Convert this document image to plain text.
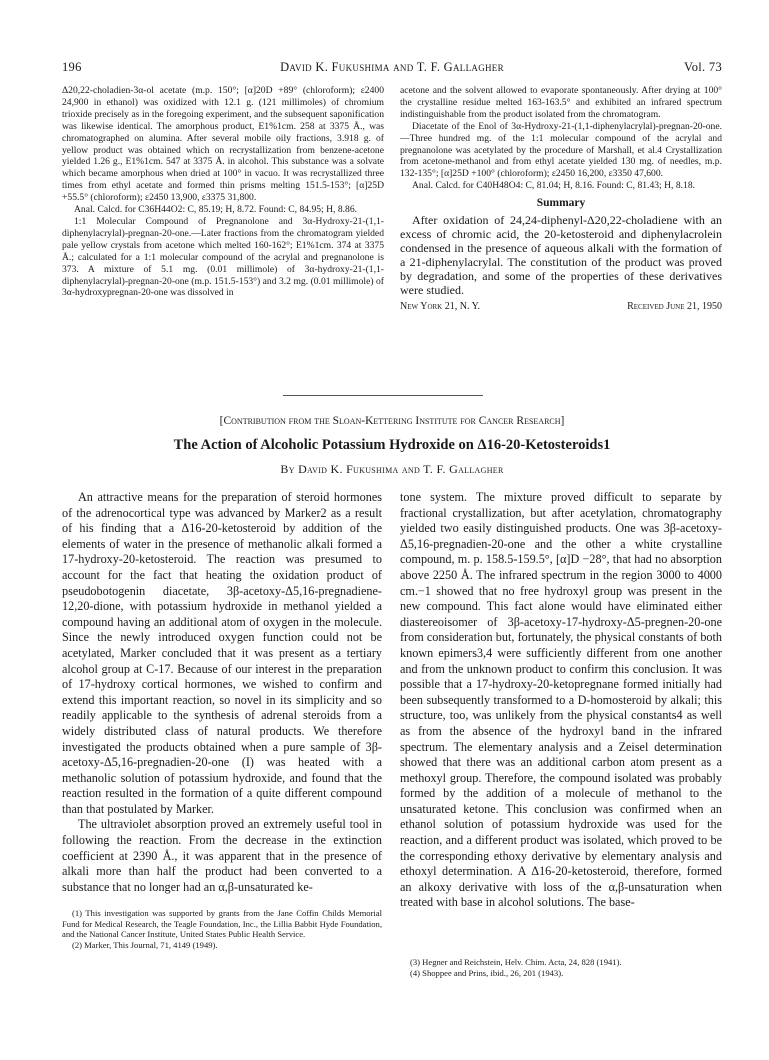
196	David K. Fukushima and T. F. Gallagher	Vol. 73

Δ20,22-choladien-3α-ol acetate (m.p. 150°; [α]20D +89° (chloroform); ε2400 24,900 in ethanol) was oxidized with 12.1 g. (121 millimoles) of chromium trioxide precisely as in the foregoing experiment, and the subsequent saponification was likewise identical. The amorphous product, E1%1cm. 258 at 3375 Å., was chromatographed on alumina. After several mobile oily fractions, 3.918 g. of yellow product was obtained which on recrystallization from benzene-acetone yielded 1.26 g., E1%1cm. 547 at 3375 Å. in alcohol. This substance was a solvate which became amorphous when dried at 100° in vacuo. It was recrystallized three times from ethyl acetate and formed thin prisms melting 151.5-153°; [α]25D +55.5° (chloroform); ε2450 13,900, ε3375 31,800.

Anal. Calcd. for C36H44O2: C, 85.19; H, 8.72. Found: C, 84.95; H, 8.86.

1:1 Molecular Compound of Pregnanolone and 3α-Hydroxy-21-(1,1-diphenylacrylal)-pregnan-20-one.—Later fractions from the chromatogram yielded pale yellow crystals from acetone which melted 160-162°; E1%1cm. 374 at 3375 Å.; calculated for a 1:1 molecular compound of the acrylal and pregnanolone is 373. A mixture of 5.1 mg. (0.01 millimole) of 3α-hydroxy-21-(1,1-diphenylacrylal)-pregnan-20-one (m.p. 151.5-153°) and 3.2 mg. (0.01 millimole) of 3α-hydroxypregnan-20-one was dissolved in

acetone and the solvent allowed to evaporate spontaneously. After drying at 100° the crystalline residue melted 163-163.5° and exhibited an infrared spectrum indistinguishable from the product isolated from the chromatogram.

Diacetate of the Enol of 3α-Hydroxy-21-(1,1-diphenylacrylal)-pregnan-20-one.—Three hundred mg. of the 1:1 molecular compound of the acrylal and pregnanolone was acetylated by the procedure of Marshall, et al.4 Crystallization from acetone-methanol and from ethyl acetate yielded 130 mg. of needles, m.p. 132-135°; [α]25D +100° (chloroform); ε2450 16,200, ε3350 47,600.

Anal. Calcd. for C40H48O4: C, 81.04; H, 8.16. Found: C, 81.43; H, 8.18.

Summary

After oxidation of 24,24-diphenyl-Δ20,22-choladiene with an excess of chromic acid, the 20-ketosteroid and diphenylacrolein condensed in the presence of aqueous alkali with the formation of a 21-diphenylacrylal. The constitution of the product was proved by degradation, and some of the properties of these derivatives were studied.

New York 21, N. Y.	Received June 21, 1950
[Contribution from the Sloan-Kettering Institute for Cancer Research]
The Action of Alcoholic Potassium Hydroxide on Δ16-20-Ketosteroids1
By David K. Fukushima and T. F. Gallagher

An attractive means for the preparation of steroid hormones of the adrenocortical type was advanced by Marker2 as a result of his finding that a Δ16-20-ketosteroid by addition of the elements of water in the presence of methanolic alkali formed a 17-hydroxy-20-ketosteroid. The reaction was presumed to account for the fact that heating the oxidation product of pseudobotogenin diacetate, 3β-acetoxy-Δ5,16-pregnadiene-12,20-dione, with potassium hydroxide in methanol yielded a compound having an additional atom of oxygen in the molecule. Since the newly introduced oxygen function could not be acetylated, Marker concluded that it was present as a tertiary alcohol group at C-17. Because of our interest in the preparation of 17-hydroxy cortical hormones, we wished to confirm and extend this important reaction, so novel in its simplicity and so readily applicable to the synthesis of adrenal steroids from a widely distributed class of natural products. We therefore investigated the products obtained when a pure sample of 3β-acetoxy-Δ5,16-pregnadien-20-one (I) was heated with a methanolic solution of potassium hydroxide, and found that the reaction resulted in the formation of a quite different compound than that postulated by Marker.

The ultraviolet absorption proved an extremely useful tool in following the reaction. From the decrease in the extinction coefficient at 2390 Å., it was apparent that in the presence of alkali more than half the product had been converted to a substance that no longer had an α,β-unsaturated ke-

tone system. The mixture proved difficult to separate by fractional crystallization, but after acetylation, chromatography yielded two easily distinguished products. One was 3β-acetoxy-Δ5,16-pregnadien-20-one and the other a white crystalline compound, m. p. 158.5-159.5°, [α]D −28°, that had no absorption above 2250 Å. The infrared spectrum in the region 3000 to 4000 cm.−1 showed that no free hydroxyl group was present in the new compound. This fact alone would have eliminated either diastereoisomer of 3β-acetoxy-17-hydroxy-Δ5-pregnen-20-one from consideration but, fortunately, the physical constants of both known epimers3,4 were sufficiently different from one another and from the unknown product to confirm this conclusion. It was possible that a 17-hydroxy-20-ketopregnane formed initially had been subsequently transformed to a D-homosteroid by alkali; this structure, too, was unlikely from the physical constants4 as well as from the absence of the hydroxyl band in the infrared spectrum. The elementary analysis and a Zeisel determination showed that there was an additional carbon atom present as a methoxyl group. Therefore, the compound isolated was probably formed by the addition of a molecule of methanol to the unsaturated ketone. This conclusion was confirmed when an ethanol solution of potassium hydroxide was used for the reaction, and a different product was isolated, which proved to be the corresponding ethoxy derivative by elementary analysis and ethoxyl determination. A Δ16-20-ketosteroid, therefore, formed an alkoxy derivative with loss of the α,β-unsaturation when treated with base in alcohol solutions. The base-

(1) This investigation was supported by grants from the Jane Coffin Childs Memorial Fund for Medical Research, the Teagle Foundation, Inc., the Lillia Babbit Hyde Foundation, and the National Cancer Institute, United States Public Health Service.

(2) Marker, This Journal, 71, 4149 (1949).

(3) Hegner and Reichstein, Helv. Chim. Acta, 24, 828 (1941).

(4) Shoppee and Prins, ibid., 26, 201 (1943).
